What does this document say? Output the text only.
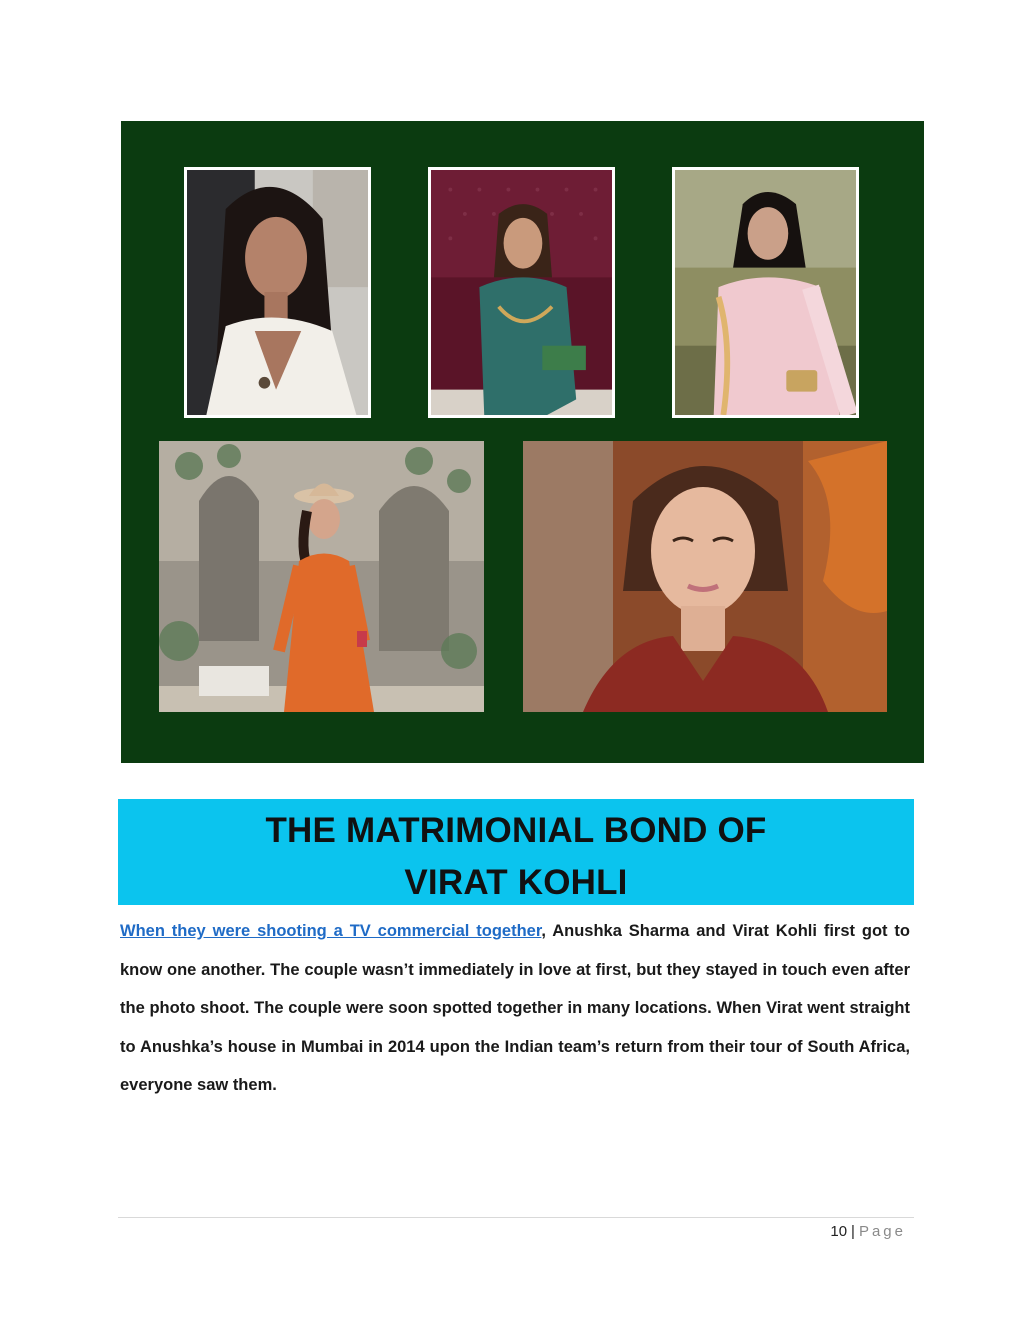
THE MATRIMONIAL BOND OF
VIRAT KOHLI

When they were shooting a TV commercial together, Anushka Sharma and Virat Kohli first got to know one another. The couple wasn’t immediately in love at first, but they stayed in touch even after the photo shoot. The couple were soon spotted together in many locations. When Virat went straight to Anushka’s house in Mumbai in 2014 upon the Indian team’s return from their tour of South Africa, everyone saw them.

10 | Page
